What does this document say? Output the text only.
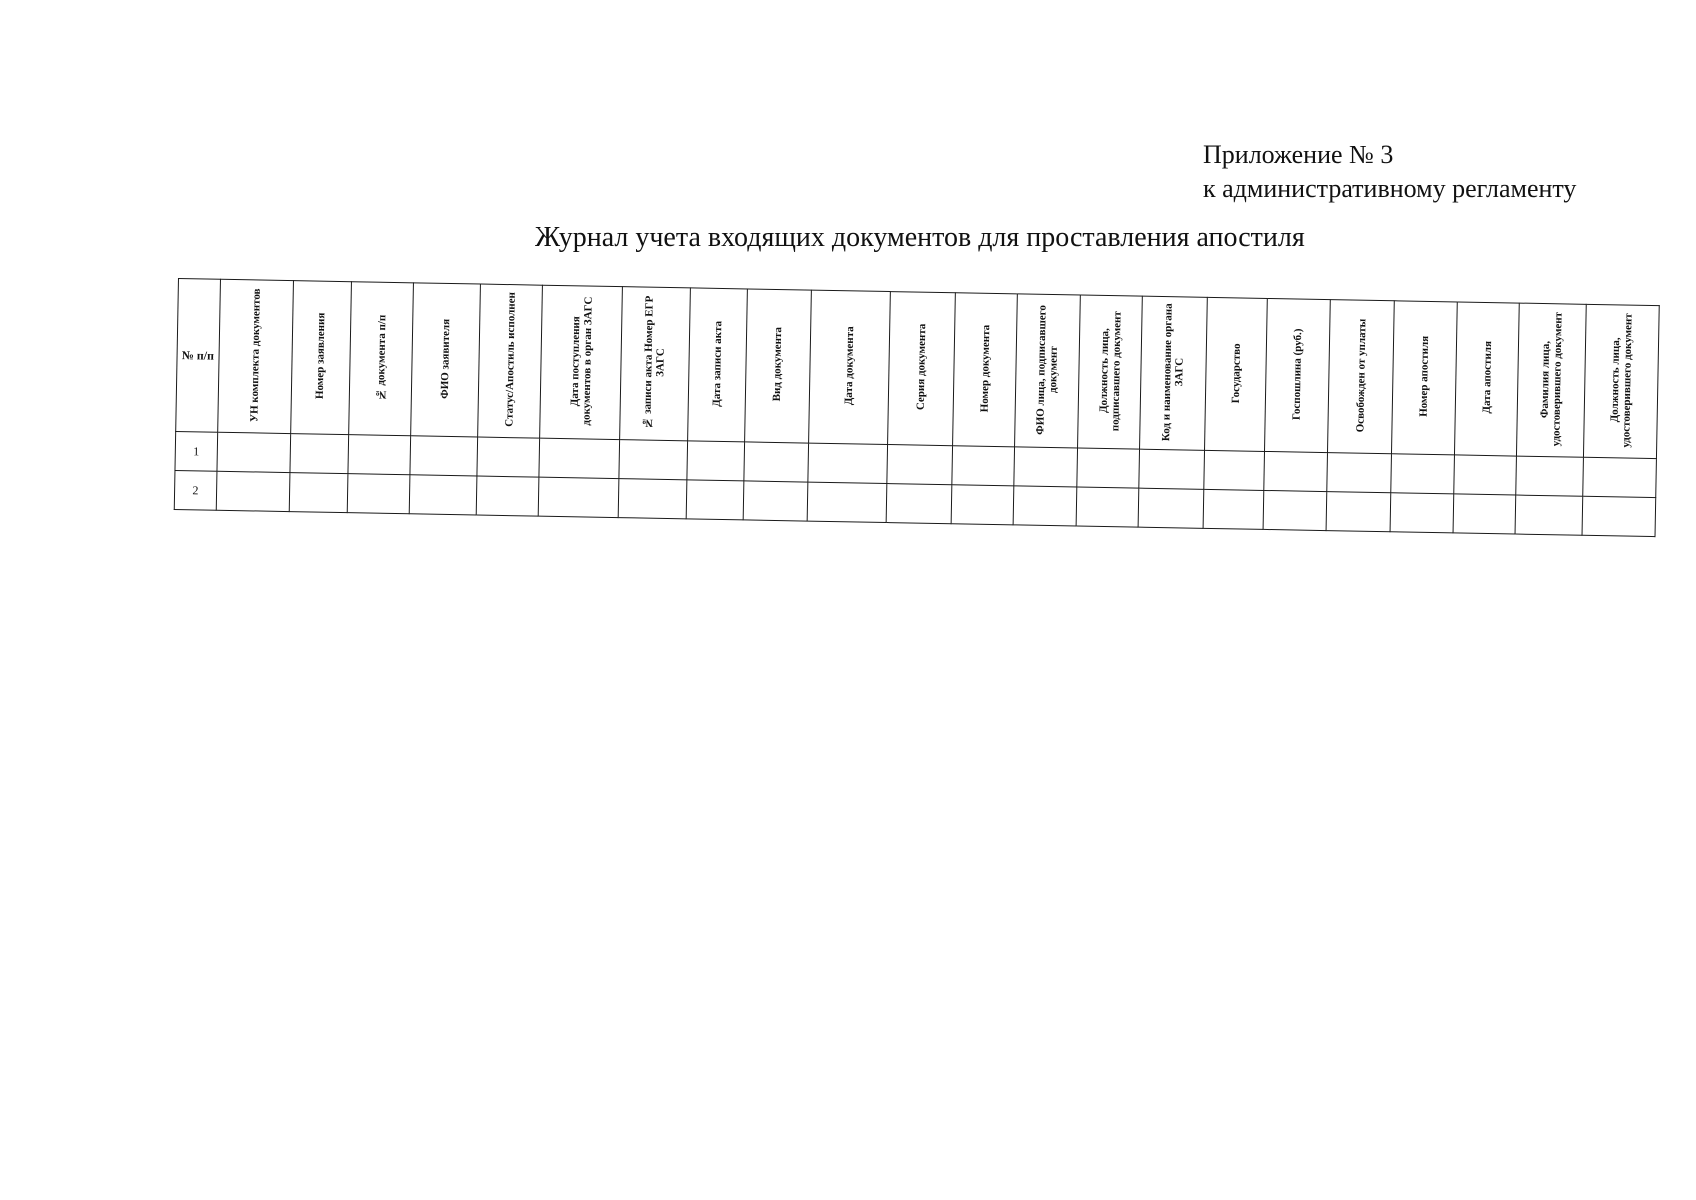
Приложение № 3
к административному регламенту
Журнал учета входящих документов для проставления апостиля
№ п/п	УН комплекта документов	Номер заявления	№ документа п/п	ФИО заявителя	Статус/Апостиль исполнен	Дата поступления документов в орган ЗАГС	№ записи акта Номер ЕГР ЗАГС	Дата записи акта	Вид документа	Дата документа	Серия документа	Номер документа	ФИО лица, подписавшего документ	Должность лица, подписавшего документ	Код и наименование органа ЗАГС	Государство	Госпошлина (руб.)	Освобожден от уплаты	Номер апостиля	Дата апостиля	Фамилия лица, удостоверившего документ	Должность лица, удостоверившего документ
1																						
2																						
